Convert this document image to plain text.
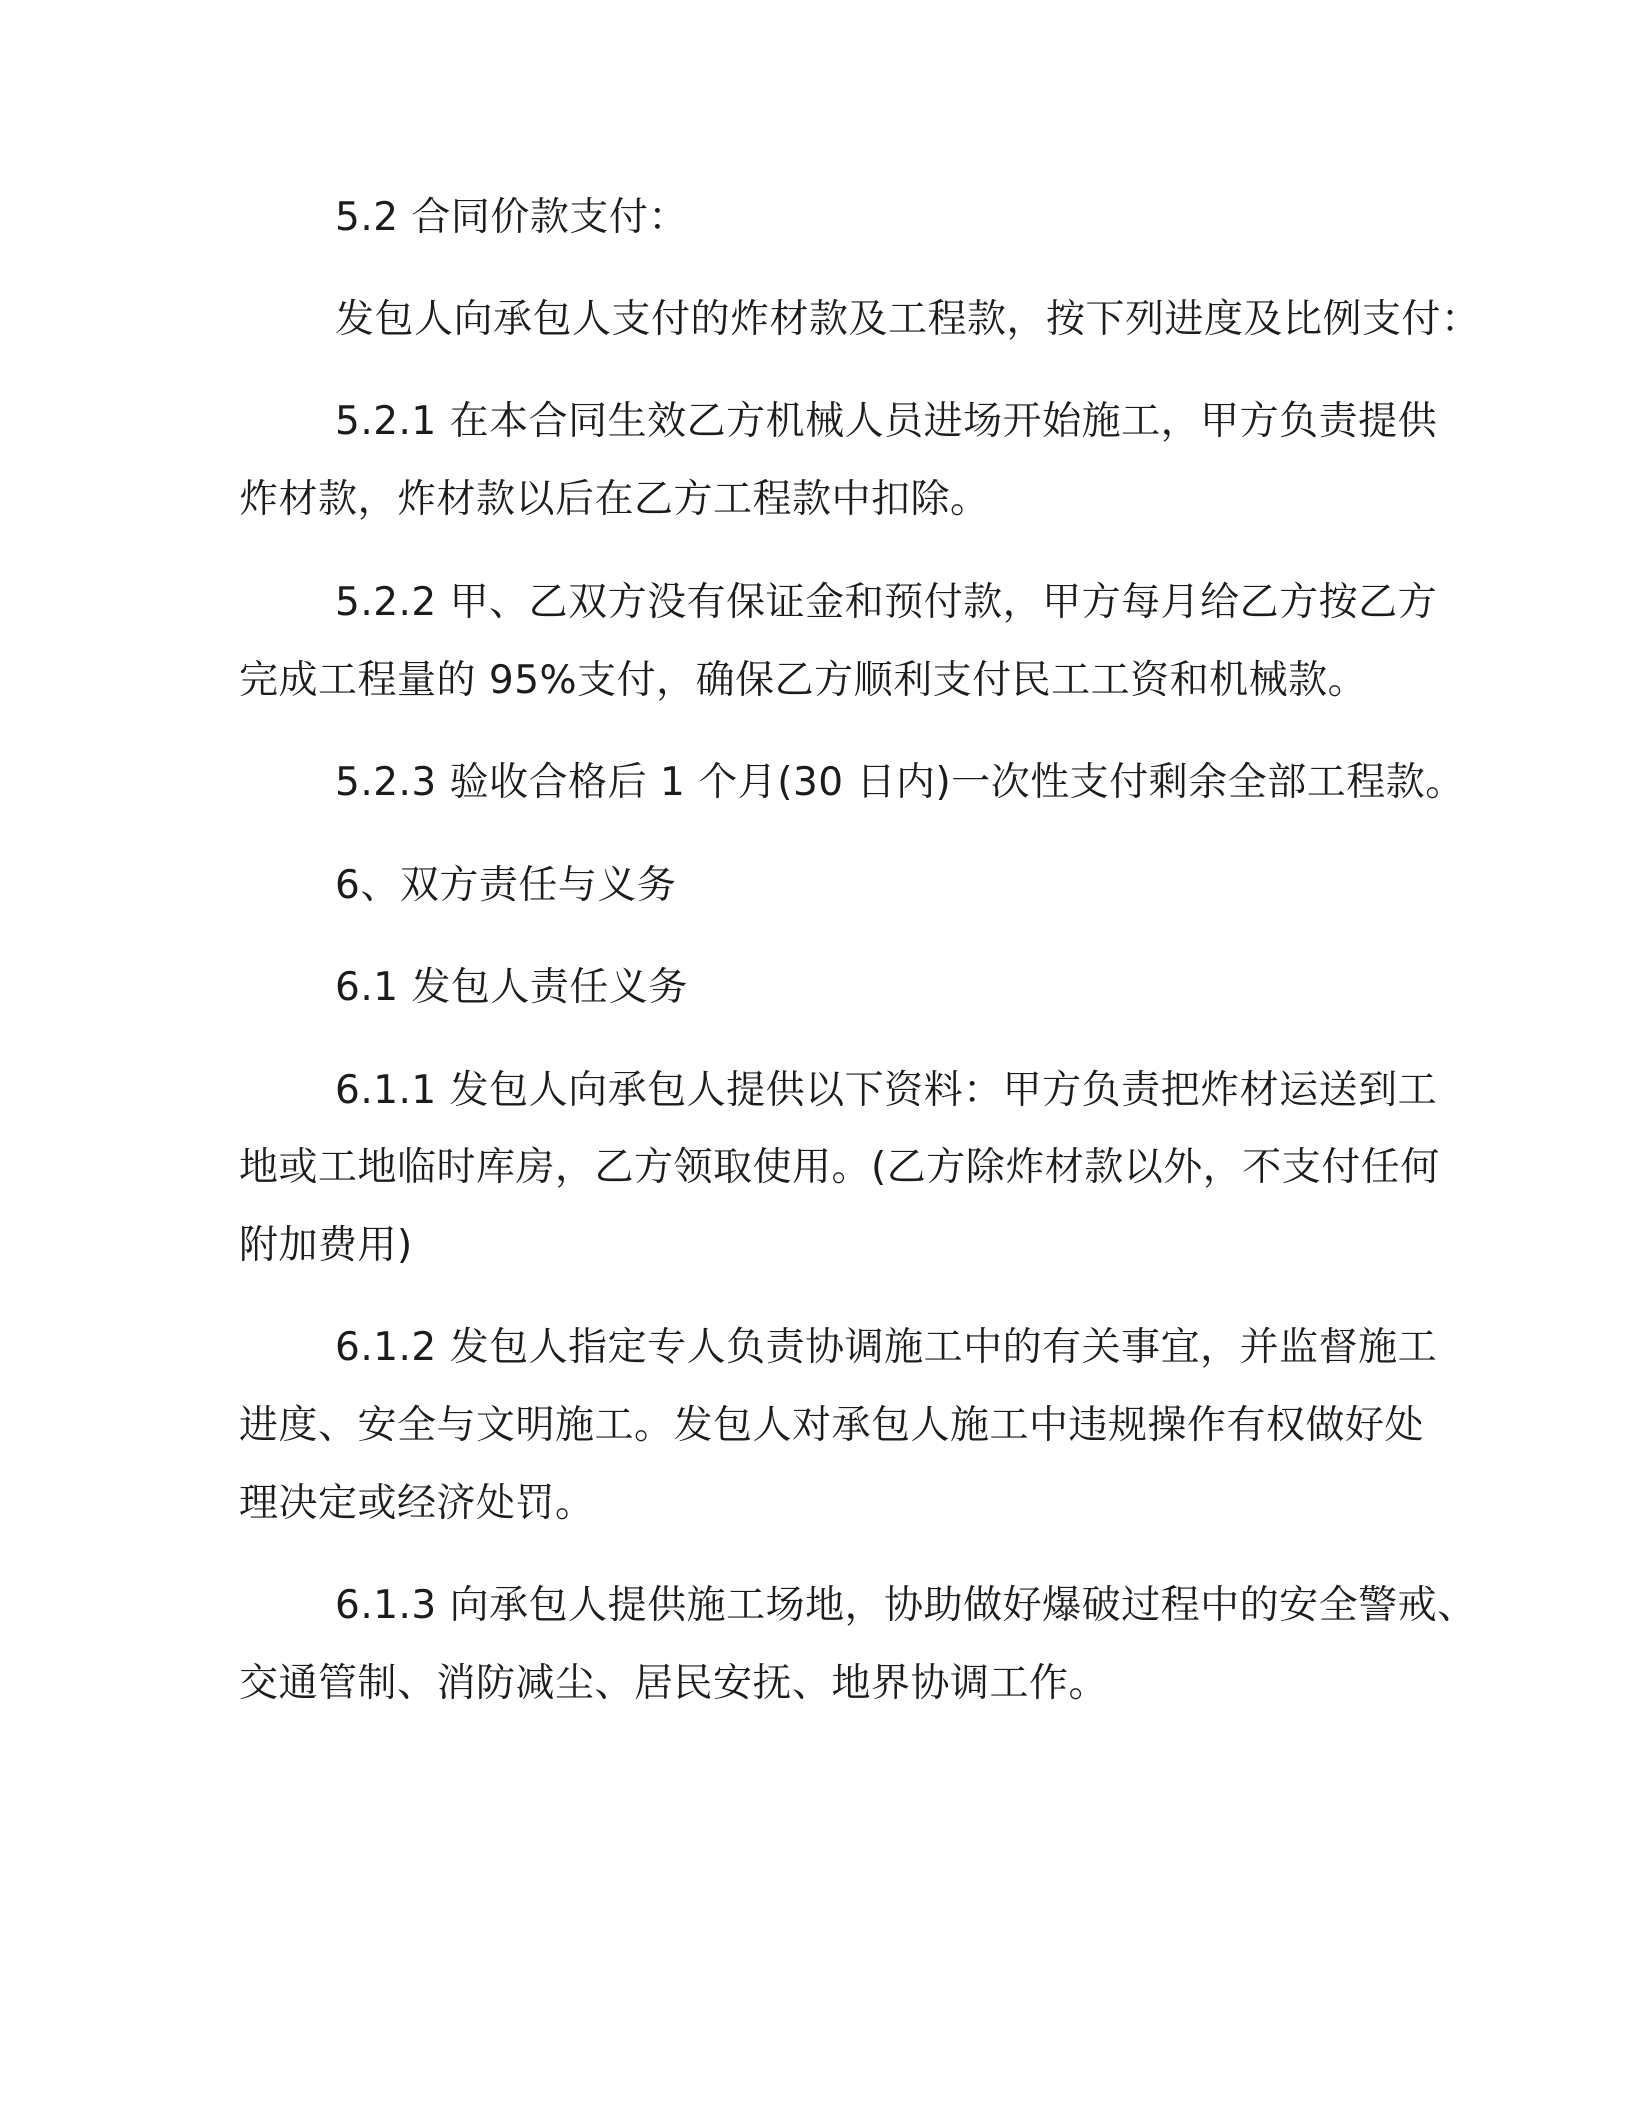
5.2 合同价款支付：

发包人向承包人支付的炸材款及工程款，按下列进度及比例支付：

5.2.1 在本合同生效乙方机械人员进场开始施工，甲方负责提供

炸材款，炸材款以后在乙方工程款中扣除。

5.2.2 甲、乙双方没有保证金和预付款，甲方每月给乙方按乙方

完成工程量的 95%支付，确保乙方顺利支付民工工资和机械款。

5.2.3 验收合格后 1 个月(30 日内)一次性支付剩余全部工程款。

6、双方责任与义务

6.1 发包人责任义务

6.1.1 发包人向承包人提供以下资料：甲方负责把炸材运送到工

地或工地临时库房，乙方领取使用。(乙方除炸材款以外，不支付任何

附加费用)

6.1.2 发包人指定专人负责协调施工中的有关事宜，并监督施工

进度、安全与文明施工。发包人对承包人施工中违规操作有权做好处

理决定或经济处罚。

6.1.3 向承包人提供施工场地，协助做好爆破过程中的安全警戒、

交通管制、消防减尘、居民安抚、地界协调工作。
